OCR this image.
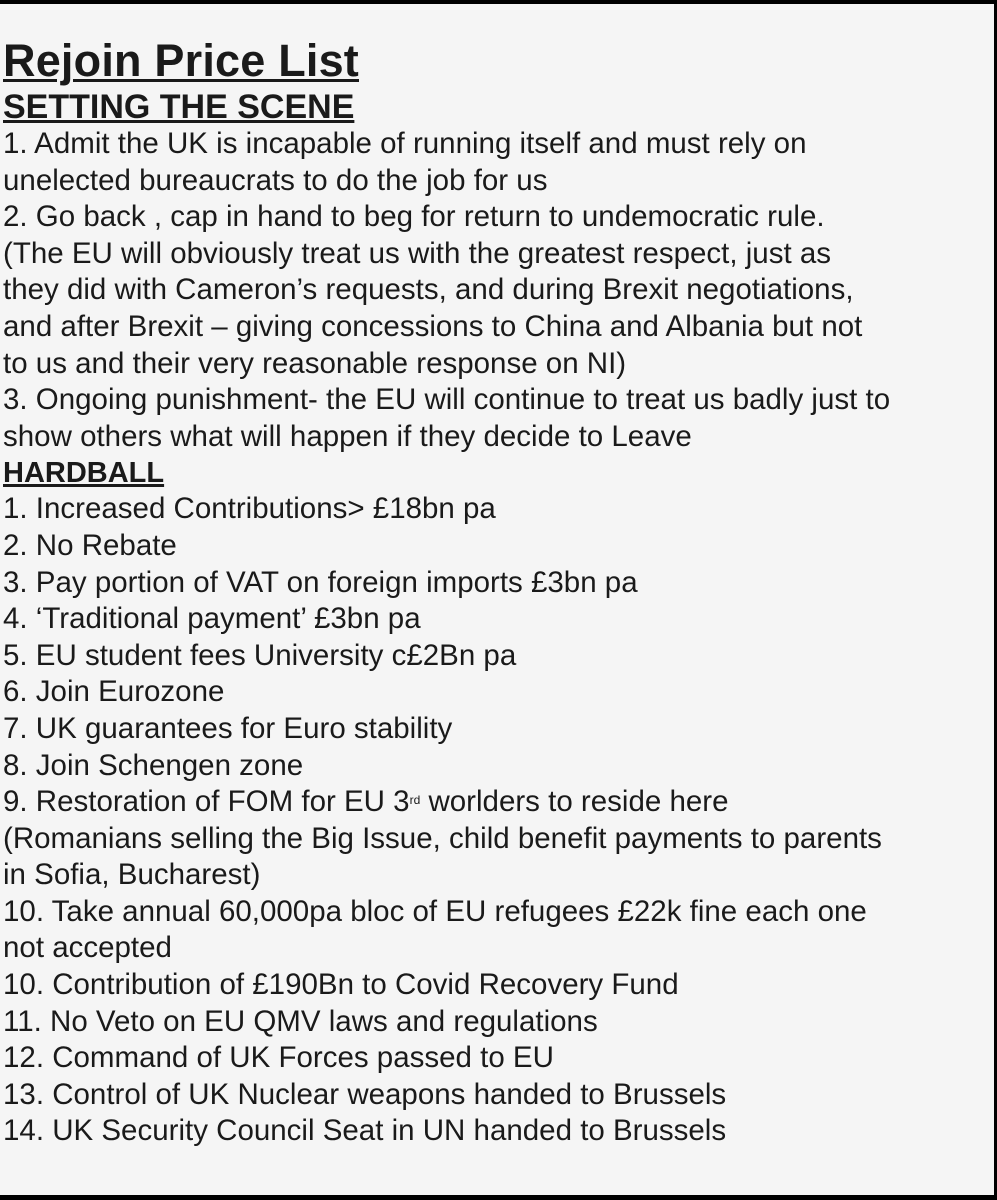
Rejoin Price List
SETTING THE SCENE
1. Admit the UK is incapable of running itself and must rely on
unelected bureaucrats to do the job for us
2. Go back , cap in hand to beg for return to undemocratic rule.
(The EU will obviously treat us with the greatest respect, just as
they did with Cameron’s requests, and during Brexit negotiations,
and after Brexit – giving concessions to China and Albania but not
to us and their very reasonable response on NI)
3. Ongoing punishment- the EU will continue to treat us badly just to
show others what will happen if they decide to Leave
HARDBALL
1. Increased Contributions> £18bn pa
2. No Rebate
3. Pay portion of VAT on foreign imports £3bn pa
4. ‘Traditional payment’ £3bn pa
5. EU student fees University c£2Bn pa
6. Join Eurozone
7. UK guarantees for Euro stability
8. Join Schengen zone
9. Restoration of FOM for EU 3rd worlders to reside here
(Romanians selling the Big Issue, child benefit payments to parents
in Sofia, Bucharest)
10. Take annual 60,000pa bloc of EU refugees £22k fine each one
not accepted
10. Contribution of £190Bn to Covid Recovery Fund
11. No Veto on EU QMV laws and regulations
12. Command of UK Forces passed to EU
13. Control of UK Nuclear weapons handed to Brussels
14. UK Security Council Seat in UN handed to Brussels
